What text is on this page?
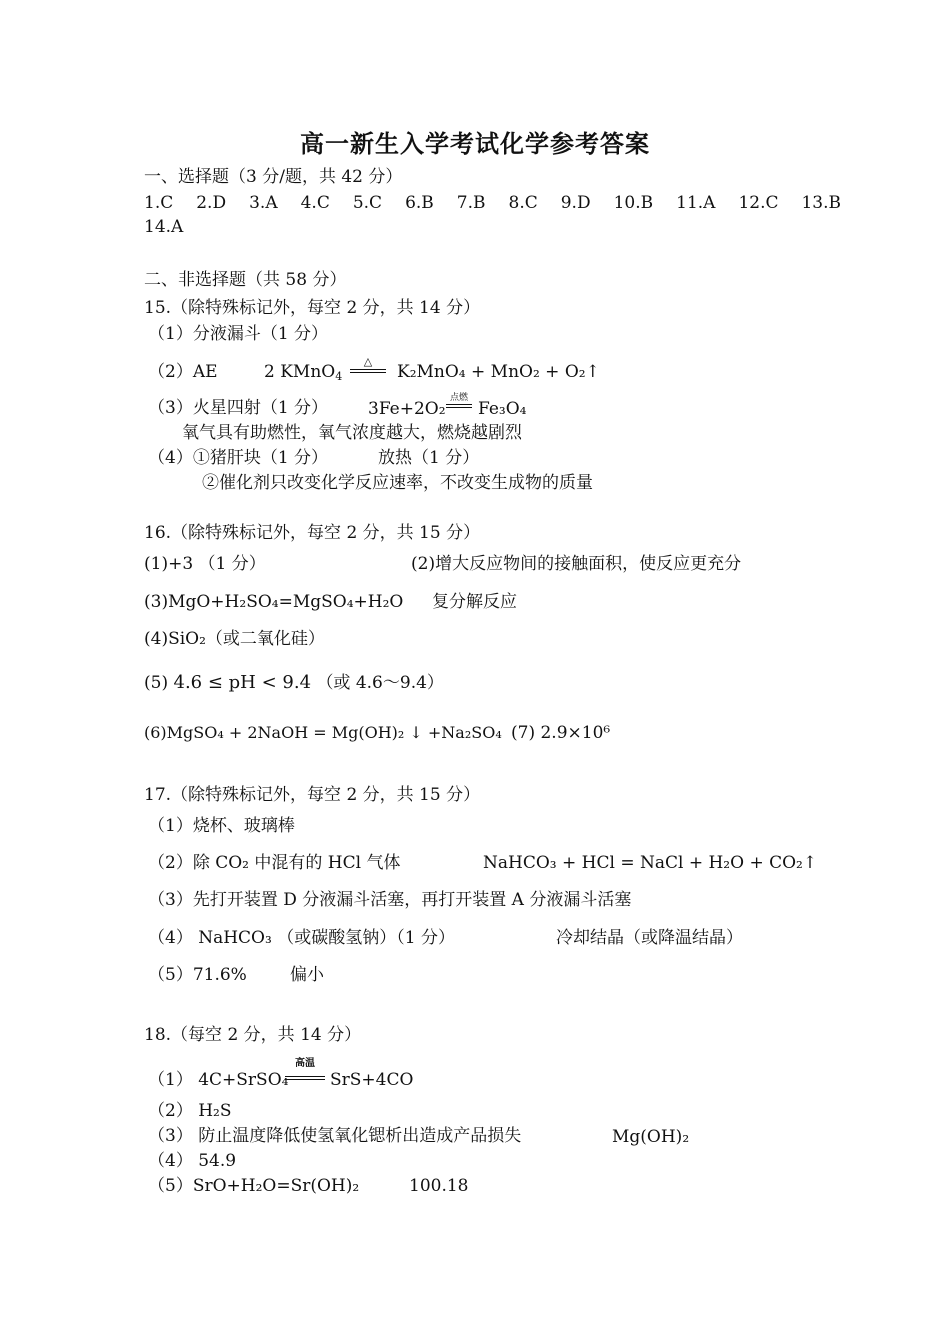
高一新生入学考试化学参考答案
一、选择题（3 分/题，共 42 分）
1.C 2.D 3.A 4.C 5.C 6.B 7.B 8.C 9.D 10.B 11.A 12.C 13.B
14.A
二、非选择题（共 58 分）
15.（除特殊标记外，每空 2 分，共 14 分）
（1）分液漏斗（1 分）
（2）AE	2 KMnO$_4$
△
K₂MnO₄ + MnO₂ + O₂↑
（3）火星四射（1 分） 3Fe+2O₂
点燃
Fe₃O₄
氧气具有助燃性，氧气浓度越大，燃烧越剧烈
（4）①猪肝块（1 分）	放热（1 分）
②催化剂只改变化学反应速率，不改变生成物的质量
16.（除特殊标记外，每空 2 分，共 15 分）
(1)+3 （1 分）	(2)增大反应物间的接触面积，使反应更充分
(3)MgO+H₂SO₄=MgSO₄+H₂O 复分解反应
(4)SiO₂（或二氧化硅）
(5) 4.6 ≤ pH < 9.4 （或 4.6～9.4）
(6)MgSO₄ + 2NaOH = Mg(OH)₂ ↓ +Na₂SO₄ (7) 2.9×10⁶
17.（除特殊标记外，每空 2 分，共 15 分）
（1）烧杯、玻璃棒
（2）除 CO₂ 中混有的 HCl 气体	NaHCO₃ + HCl = NaCl + H₂O + CO₂↑
（3）先打开装置 D 分液漏斗活塞，再打开装置 A 分液漏斗活塞
（4） NaHCO₃ （或碳酸氢钠）（1 分）	冷却结晶（或降温结晶）
（5）71.6%	偏小
18.（每空 2 分，共 14 分）
（1） 4C+SrSO₄
高温
SrS+4CO
（2） H₂S
（3） 防止温度降低使氢氧化锶析出造成产品损失	Mg(OH)₂
（4） 54.9
（5）SrO+H₂O=Sr(OH)₂	100.18
